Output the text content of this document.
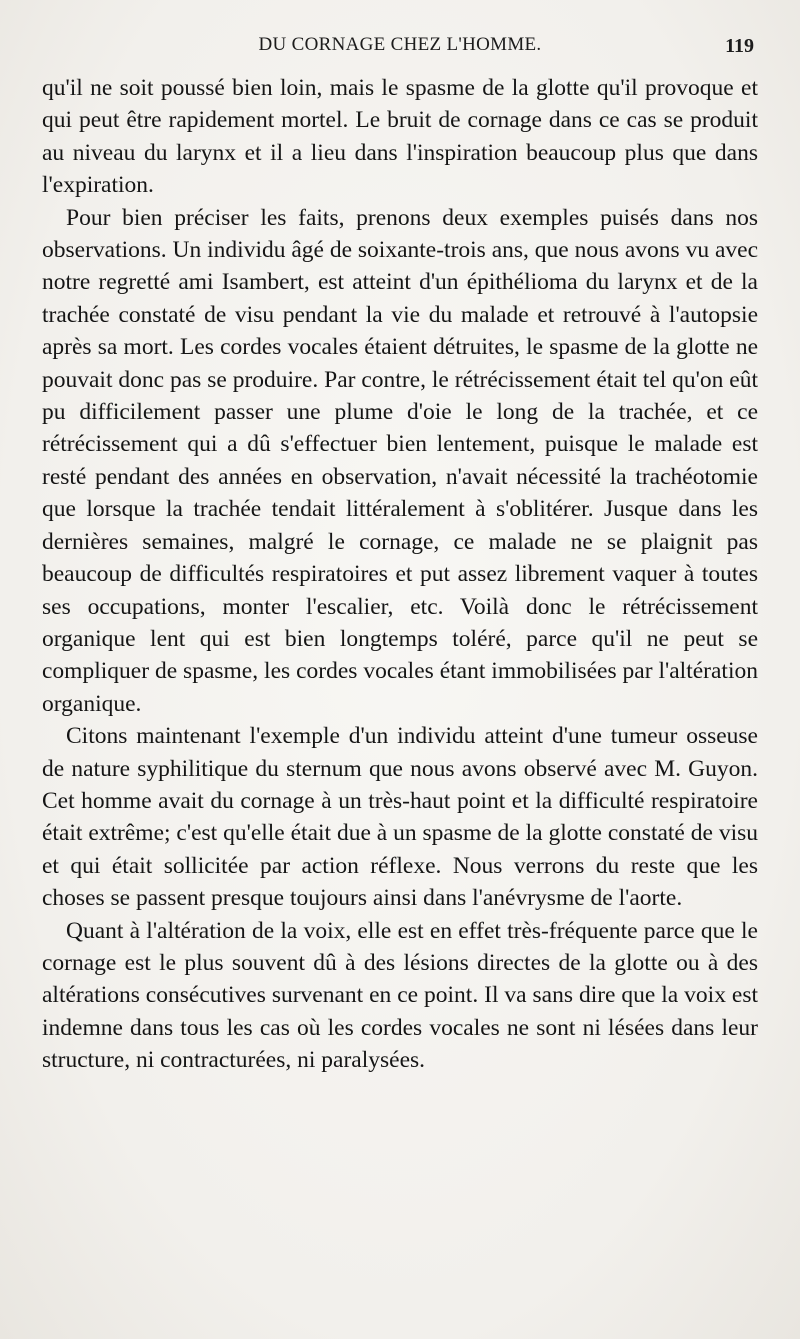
DU CORNAGE CHEZ L'HOMME.	119

qu'il ne soit poussé bien loin, mais le spasme de la glotte qu'il provoque et qui peut être rapidement mortel. Le bruit de cornage dans ce cas se produit au niveau du larynx et il a lieu dans l'inspiration beaucoup plus que dans l'expiration.

Pour bien préciser les faits, prenons deux exemples puisés dans nos observations. Un individu âgé de soixante-trois ans, que nous avons vu avec notre regretté ami Isambert, est atteint d'un épithélioma du larynx et de la trachée constaté de visu pendant la vie du malade et retrouvé à l'autopsie après sa mort. Les cordes vocales étaient détruites, le spasme de la glotte ne pouvait donc pas se produire. Par contre, le rétrécissement était tel qu'on eût pu difficilement passer une plume d'oie le long de la trachée, et ce rétrécissement qui a dû s'effectuer bien lentement, puisque le malade est resté pendant des années en observation, n'avait nécessité la trachéotomie que lorsque la trachée tendait littéralement à s'oblitérer. Jusque dans les dernières semaines, malgré le cornage, ce malade ne se plaignit pas beaucoup de difficultés respiratoires et put assez librement vaquer à toutes ses occupations, monter l'escalier, etc. Voilà donc le rétrécissement organique lent qui est bien longtemps toléré, parce qu'il ne peut se compliquer de spasme, les cordes vocales étant immobilisées par l'altération organique.

Citons maintenant l'exemple d'un individu atteint d'une tumeur osseuse de nature syphilitique du sternum que nous avons observé avec M. Guyon. Cet homme avait du cornage à un très-haut point et la difficulté respiratoire était extrême; c'est qu'elle était due à un spasme de la glotte constaté de visu et qui était sollicitée par action réflexe. Nous verrons du reste que les choses se passent presque toujours ainsi dans l'anévrysme de l'aorte.

Quant à l'altération de la voix, elle est en effet très-fréquente parce que le cornage est le plus souvent dû à des lésions directes de la glotte ou à des altérations consécutives survenant en ce point. Il va sans dire que la voix est indemne dans tous les cas où les cordes vocales ne sont ni lésées dans leur structure, ni contracturées, ni paralysées.
